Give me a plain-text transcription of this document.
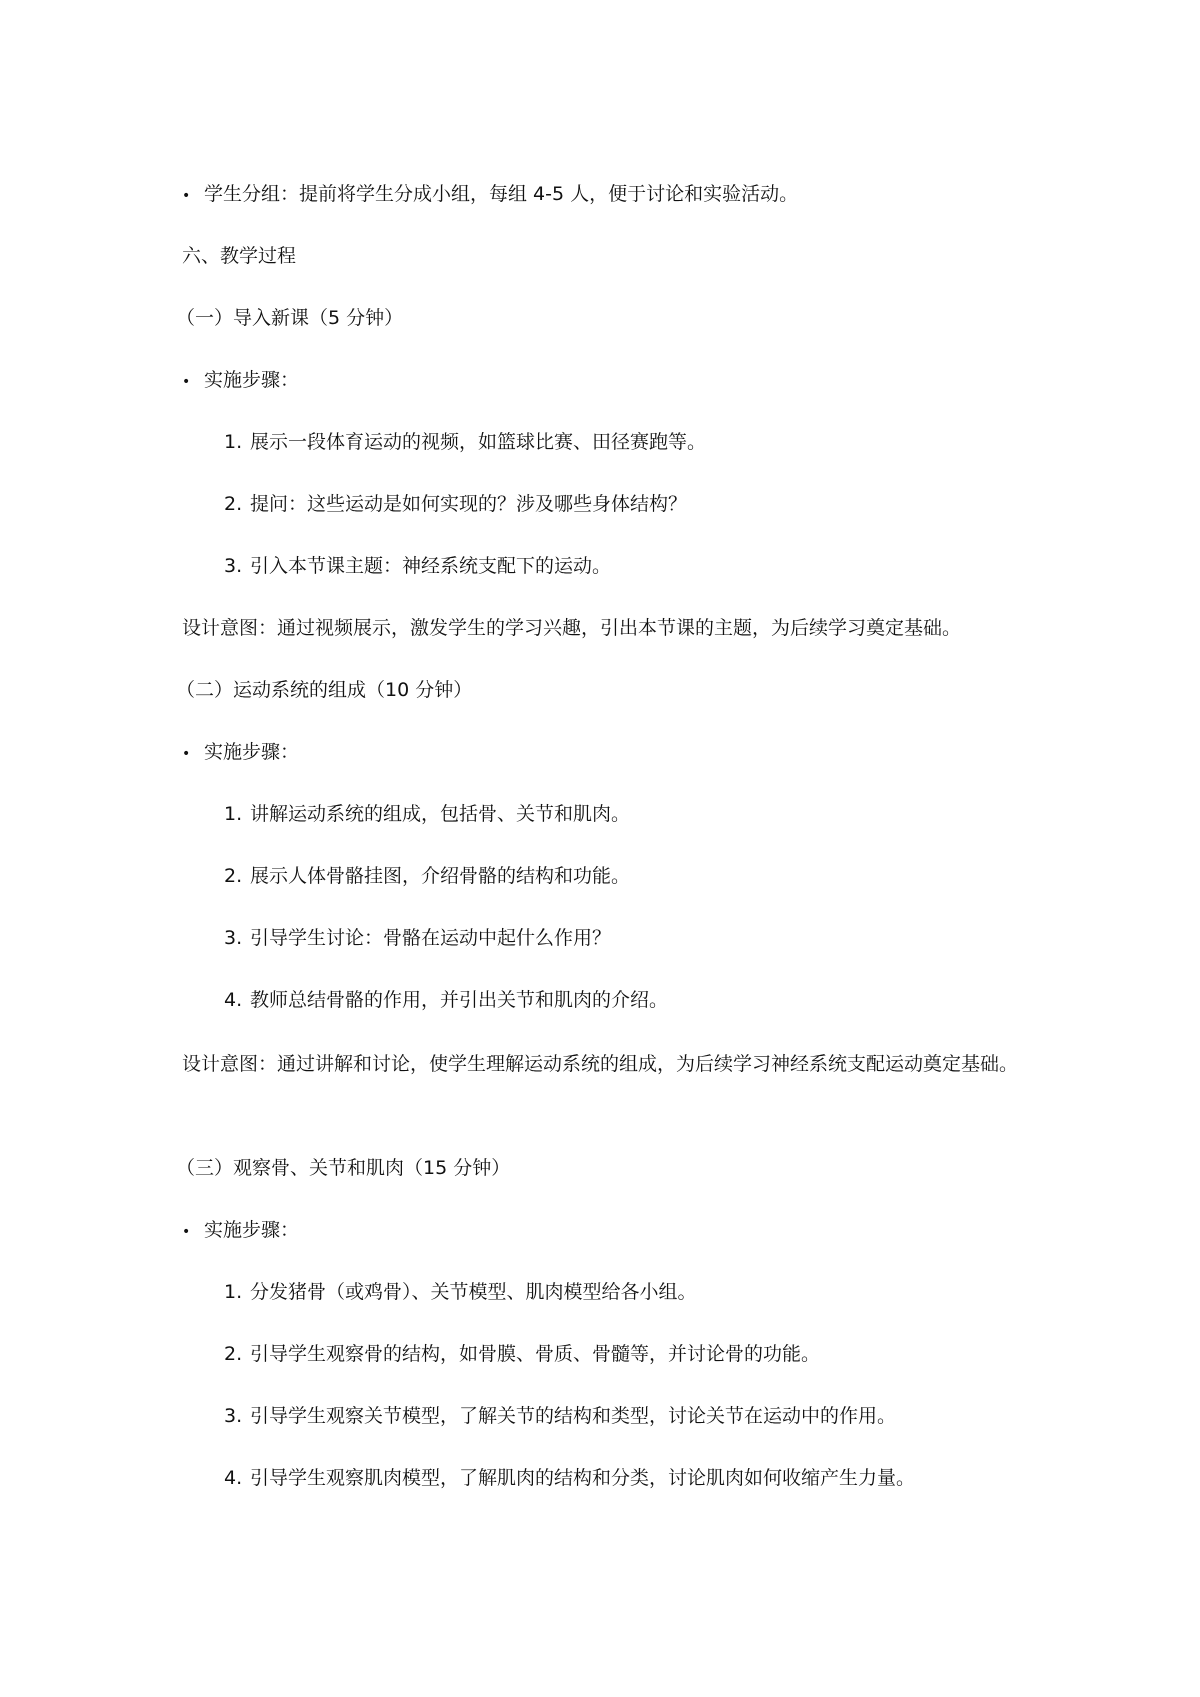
• 学生分组：提前将学生分成小组，每组 4-5 人，便于讨论和实验活动。
六、教学过程
（一）导入新课（5 分钟）
• 实施步骤：
1. 展示一段体育运动的视频，如篮球比赛、田径赛跑等。
2. 提问：这些运动是如何实现的？涉及哪些身体结构？
3. 引入本节课主题：神经系统支配下的运动。
设计意图：通过视频展示，激发学生的学习兴趣，引出本节课的主题，为后续学习奠定基础。
（二）运动系统的组成（10 分钟）
• 实施步骤：
1. 讲解运动系统的组成，包括骨、关节和肌肉。
2. 展示人体骨骼挂图，介绍骨骼的结构和功能。
3. 引导学生讨论：骨骼在运动中起什么作用？
4. 教师总结骨骼的作用，并引出关节和肌肉的介绍。
设计意图：通过讲解和讨论，使学生理解运动系统的组成，为后续学习神经系统支配运动奠定基础。
（三）观察骨、关节和肌肉（15 分钟）
• 实施步骤：
1. 分发猪骨（或鸡骨）、关节模型、肌肉模型给各小组。
2. 引导学生观察骨的结构，如骨膜、骨质、骨髓等，并讨论骨的功能。
3. 引导学生观察关节模型，了解关节的结构和类型，讨论关节在运动中的作用。
4. 引导学生观察肌肉模型，了解肌肉的结构和分类，讨论肌肉如何收缩产生力量。
